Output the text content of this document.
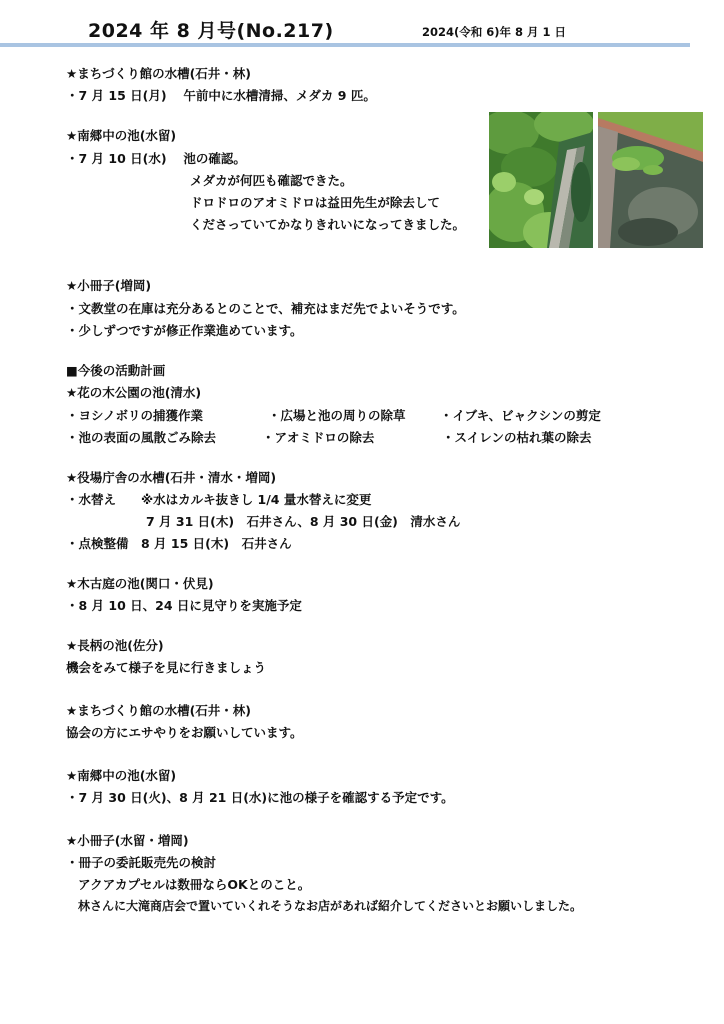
2024 年 8 月号(No.217)	2024(令和 6)年 8 月 1 日
★まちづくり館の水槽(石井・林)
・7 月 15 日(月)　 午前中に水槽清掃、メダカ 9 匹。
★南郷中の池(水留)
・7 月 10 日(水)　 池の確認。
メダカが何匹も確認できた。
ドロドロのアオミドロは益田先生が除去して
くださっていてかなりきれいになってきました。
★小冊子(増岡)
・文教堂の在庫は充分あるとのことで、補充はまだ先でよいそうです。
・少しずつですが修正作業進めています。
■今後の活動計画
★花の木公園の池(清水)
・ヨシノボリの捕獲作業	・広場と池の周りの除草	・イブキ、ビャクシンの剪定
・池の表面の風散ごみ除去	・アオミドロの除去	・スイレンの枯れ葉の除去
★役場庁舎の水槽(石井・清水・増岡)
・水替え　　※水はカルキ抜きし 1/4 量水替えに変更
7 月 31 日(木)　石井さん、8 月 30 日(金)　清水さん
・点検整備　8 月 15 日(木)　石井さん
★木古庭の池(関口・伏見)
・8 月 10 日、24 日に見守りを実施予定
★長柄の池(佐分)
機会をみて様子を見に行きましょう
★まちづくり館の水槽(石井・林)
協会の方にエサやりをお願いしています。
★南郷中の池(水留)
・7 月 30 日(火)、8 月 21 日(水)に池の様子を確認する予定です。
★小冊子(水留・増岡)
・冊子の委託販売先の検討
アクアカプセルは数冊ならOKとのこと。
林さんに大滝商店会で置いていくれそうなお店があれば紹介してくださいとお願いしました。
